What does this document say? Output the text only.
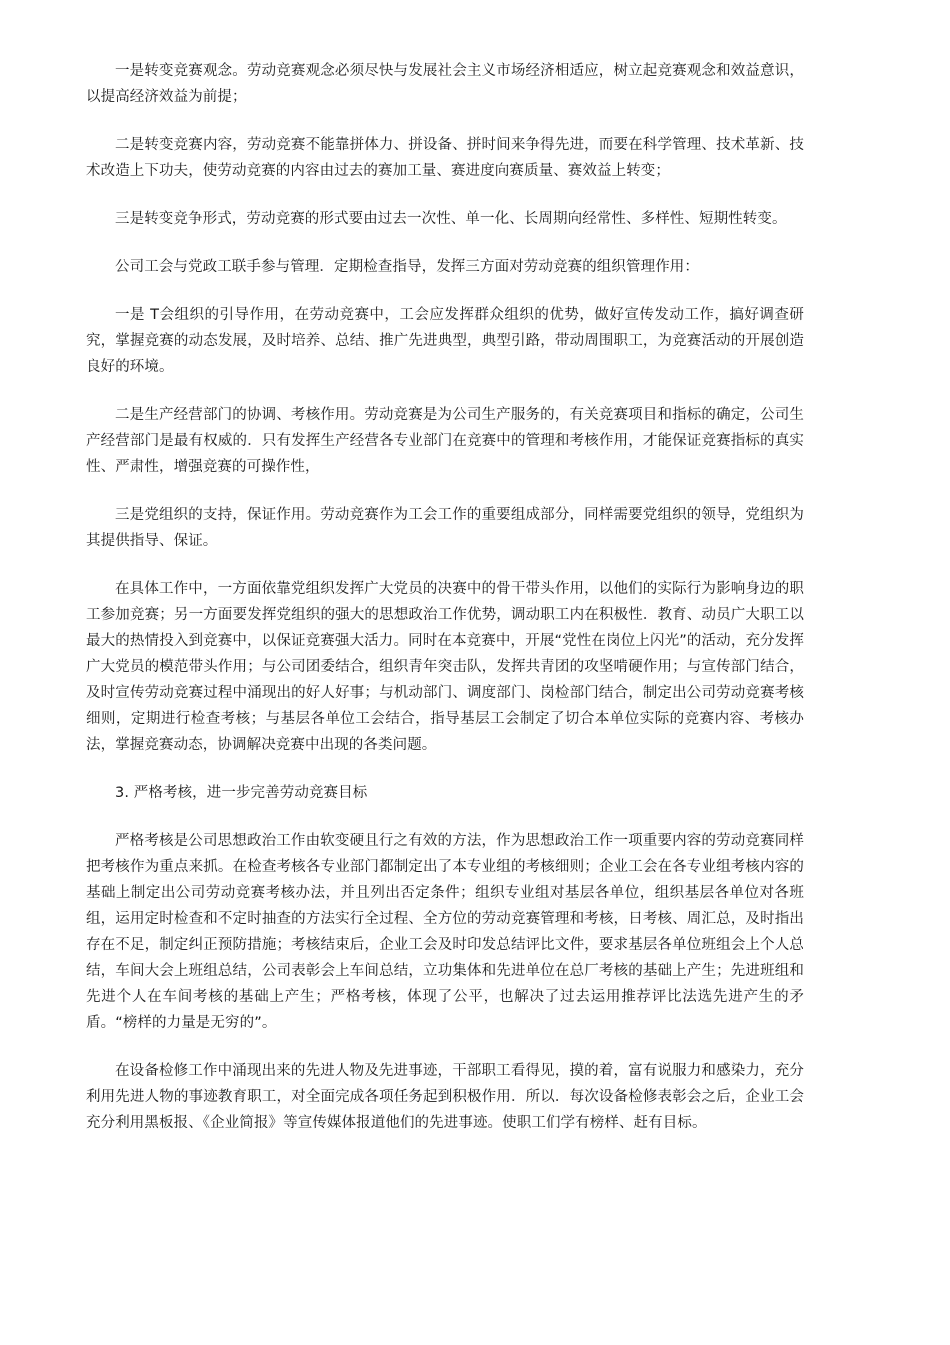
一是转变竞赛观念。劳动竞赛观念必须尽快与发展社会主义市场经济相适应，树立起竞赛观念和效益意识，以提高经济效益为前提；

二是转变竞赛内容，劳动竞赛不能靠拼体力、拼设备、拼时间来争得先进，而要在科学管理、技术革新、技术改造上下功夫，使劳动竞赛的内容由过去的赛加工量、赛进度向赛质量、赛效益上转变；

三是转变竞争形式，劳动竞赛的形式要由过去一次性、单一化、长周期向经常性、多样性、短期性转变。

公司工会与党政工联手参与管理．定期检查指导，发挥三方面对劳动竞赛的组织管理作用：

一是 T会组织的引导作用，在劳动竞赛中，工会应发挥群众组织的优势，做好宣传发动工作，搞好调查研究，掌握竞赛的动态发展，及时培养、总结、推广先进典型，典型引路，带动周围职工，为竞赛活动的开展创造良好的环境。

二是生产经营部门的协调、考核作用。劳动竞赛是为公司生产服务的，有关竞赛项目和指标的确定，公司生产经营部门是最有权威的．只有发挥生产经营各专业部门在竞赛中的管理和考核作用，才能保证竞赛指标的真实性、严肃性，增强竞赛的可操作性，

三是党组织的支持，保证作用。劳动竞赛作为工会工作的重要组成部分，同样需要党组织的领导，党组织为其提供指导、保证。

在具体工作中，一方面依靠党组织发挥广大党员的决赛中的骨干带头作用，以他们的实际行为影响身边的职工参加竞赛；另一方面要发挥党组织的强大的思想政治工作优势，调动职工内在积极性．教育、动员广大职工以最大的热情投入到竞赛中，以保证竞赛强大活力。同时在本竞赛中，开展“党性在岗位上闪光”的活动，充分发挥广大党员的模范带头作用；与公司团委结合，组织青年突击队，发挥共青团的攻坚啃硬作用；与宣传部门结合，及时宣传劳动竞赛过程中涌现出的好人好事；与机动部门、调度部门、岗检部门结合，制定出公司劳动竞赛考核细则，定期进行检查考核；与基层各单位工会结合，指导基层工会制定了切合本单位实际的竞赛内容、考核办法，掌握竞赛动态，协调解决竞赛中出现的各类问题。

3. 严格考核，进一步完善劳动竞赛目标

严格考核是公司思想政治工作由软变硬且行之有效的方法，作为思想政治工作一项重要内容的劳动竞赛同样把考核作为重点来抓。在检查考核各专业部门都制定出了本专业组的考核细则；企业工会在各专业组考核内容的基础上制定出公司劳动竞赛考核办法，并且列出否定条件；组织专业组对基层各单位，组织基层各单位对各班组，运用定时检查和不定时抽查的方法实行全过程、全方位的劳动竞赛管理和考核，日考核、周汇总，及时指出存在不足，制定纠正预防措施；考核结束后，企业工会及时印发总结评比文件，要求基层各单位班组会上个人总结，车间大会上班组总结，公司表彰会上车间总结，立功集体和先进单位在总厂考核的基础上产生；先进班组和先进个人在车间考核的基础上产生；严格考核，体现了公平，也解决了过去运用推荐评比法选先进产生的矛盾。“榜样的力量是无穷的”。

在设备检修工作中涌现出来的先进人物及先进事迹，干部职工看得见，摸的着，富有说服力和感染力，充分利用先进人物的事迹教育职工，对全面完成各项任务起到积极作用．所以．每次设备检修表彰会之后，企业工会充分利用黑板报、《企业简报》等宣传媒体报道他们的先进事迹。使职工们学有榜样、赶有目标。
